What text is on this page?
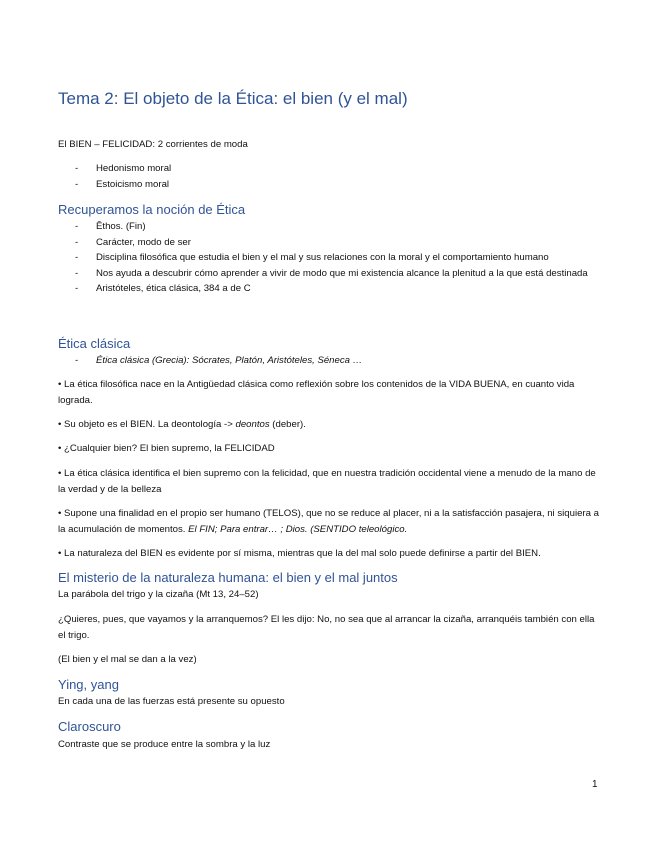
Tema 2: El objeto de la Ética: el bien (y el mal)

El BIEN – FELICIDAD: 2 corrientes de moda

- Hedonismo moral
- Estoicismo moral
Recuperamos la noción de Ética
- Êthos. (Fin)
- Carácter, modo de ser
- Disciplina filosófica que estudia el bien y el mal y sus relaciones con la moral y el comportamiento humano
- Nos ayuda a descubrir cómo aprender a vivir de modo que mi existencia alcance la plenitud a la que está destinada
- Aristóteles, ética clásica, 384 a de C
Ética clásica
- Ética clásica (Grecia): Sócrates, Platón, Aristóteles, Séneca …

• La ética filosófica nace en la Antigüedad clásica como reflexión sobre los contenidos de la VIDA BUENA, en cuanto vida lograda.

• Su objeto es el BIEN. La deontología -> deontos (deber).

• ¿Cualquier bien? El bien supremo, la FELICIDAD

• La ética clásica identifica el bien supremo con la felicidad, que en nuestra tradición occidental viene a menudo de la mano de la verdad y de la belleza

• Supone una finalidad en el propio ser humano (TELOS), que no se reduce al placer, ni a la satisfacción pasajera, ni siquiera a la acumulación de momentos. El FIN; Para entrar… ; Dios. (SENTIDO teleológico.

• La naturaleza del BIEN es evidente por sí misma, mientras que la del mal solo puede definirse a partir del BIEN.

El misterio de la naturaleza humana: el bien y el mal juntos

La parábola del trigo y la cizaña (Mt 13, 24–52)

¿Quieres, pues, que vayamos y la arranquemos? El les dijo: No, no sea que al arrancar la cizaña, arranquéis también con ella el trigo.

(El bien y el mal se dan a la vez)

Ying, yang

En cada una de las fuerzas está presente su opuesto

Claroscuro

Contraste que se produce entre la sombra y la luz

1
